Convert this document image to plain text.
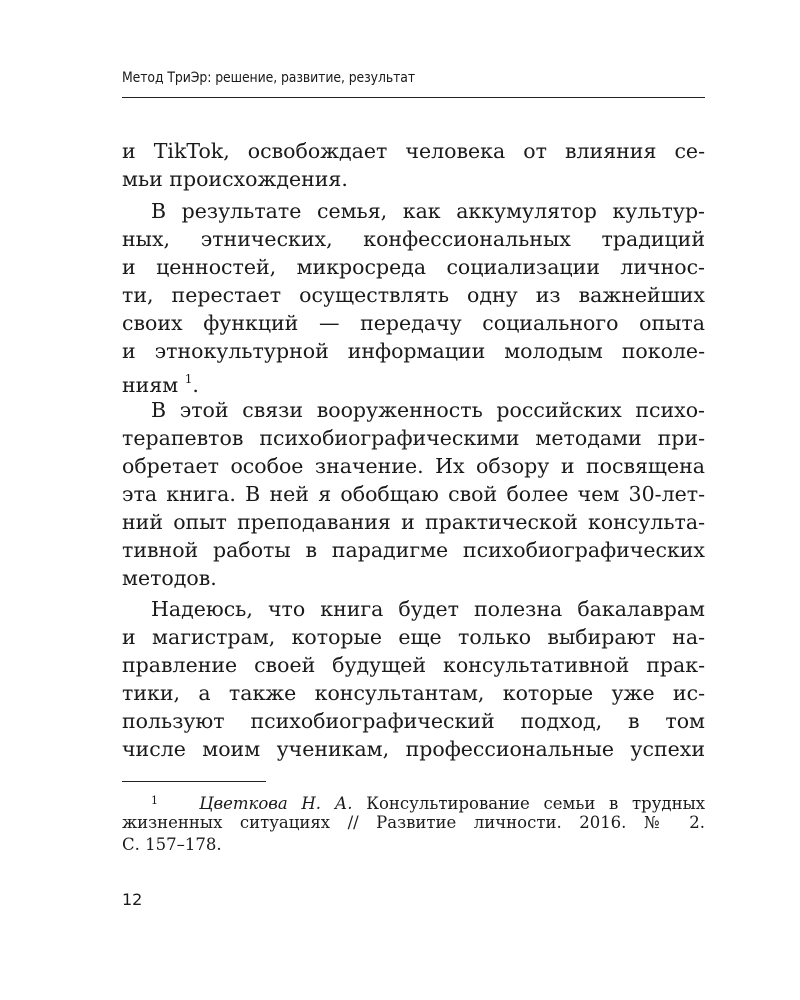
Метод ТриЭр: решение, развитие, результат
и TikTok, освобождает человека от влияния се-
мьи происхождения.
В результате семья, как аккумулятор культур-
ных, этнических, конфессиональных традиций
и ценностей, микросреда социализации личнос-
ти, перестает осуществлять одну из важнейших
своих функций — передачу социального опыта
и этнокультурной информации молодым поколе-
ниям $^1$.
В этой связи вооруженность российских психо-
терапевтов психобиографическими методами при-
обретает особое значение. Их обзору и посвящена
эта книга. В ней я обобщаю свой более чем 30-лет-
ний опыт преподавания и практической консульта-
тивной работы в парадигме психобиографических
методов.
Надеюсь, что книга будет полезна бакалаврам
и магистрам, которые еще только выбирают на-
правление своей будущей консультативной прак-
тики, а также консультантам, которые уже ис-
пользуют психобиографический подход, в том
числе моим ученикам, профессиональные успехи
$^1$ Цветкова Н. А. Консультирование семьи в трудных
жизненных ситуациях // Развитие личности. 2016. № 2.
С. 157–178.
12
